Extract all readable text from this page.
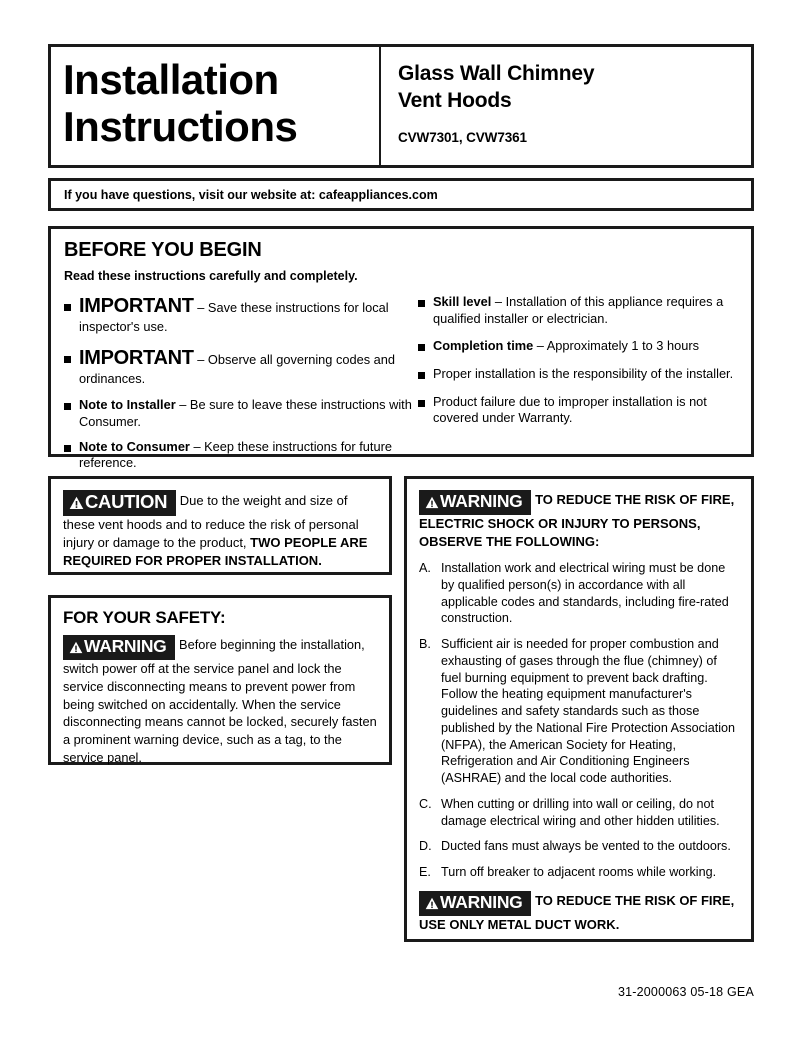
Installation
Instructions
Glass Wall Chimney
Vent Hoods
CVW7301, CVW7361
If you have questions, visit our website at: cafeappliances.com
BEFORE YOU BEGIN
Read these instructions carefully and completely.
IMPORTANT – Save these instructions for local inspector's use.
IMPORTANT – Observe all governing codes and ordinances.
Note to Installer – Be sure to leave these instructions with Consumer.
Note to Consumer – Keep these instructions for future reference.
Skill level – Installation of this appliance requires a qualified installer or electrician.
Completion time – Approximately 1 to 3 hours
Proper installation is the responsibility of the installer.
Product failure due to improper installation is not covered under Warranty.
CAUTION Due to the weight and size of these vent hoods and to reduce the risk of personal injury or damage to the product, TWO PEOPLE ARE REQUIRED FOR PROPER INSTALLATION.
FOR YOUR SAFETY:
WARNING Before beginning the installation, switch power off at the service panel and lock the service disconnecting means to prevent power from being switched on accidentally. When the service disconnecting means cannot be locked, securely fasten a prominent warning device, such as a tag, to the service panel.
WARNING TO REDUCE THE RISK OF FIRE, ELECTRIC SHOCK OR INJURY TO PERSONS, OBSERVE THE FOLLOWING:
A. Installation work and electrical wiring must be done by qualified person(s) in accordance with all applicable codes and standards, including fire-rated construction.
B. Sufficient air is needed for proper combustion and exhausting of gases through the flue (chimney) of fuel burning equipment to prevent back drafting. Follow the heating equipment manufacturer's guidelines and safety standards such as those published by the National Fire Protection Association (NFPA), the American Society for Heating, Refrigeration and Air Conditioning Engineers (ASHRAE) and the local code authorities.
C. When cutting or drilling into wall or ceiling, do not damage electrical wiring and other hidden utilities.
D. Ducted fans must always be vented to the outdoors.
E. Turn off breaker to adjacent rooms while working.
WARNING TO REDUCE THE RISK OF FIRE, USE ONLY METAL DUCT WORK.
31-2000063 05-18 GEA
